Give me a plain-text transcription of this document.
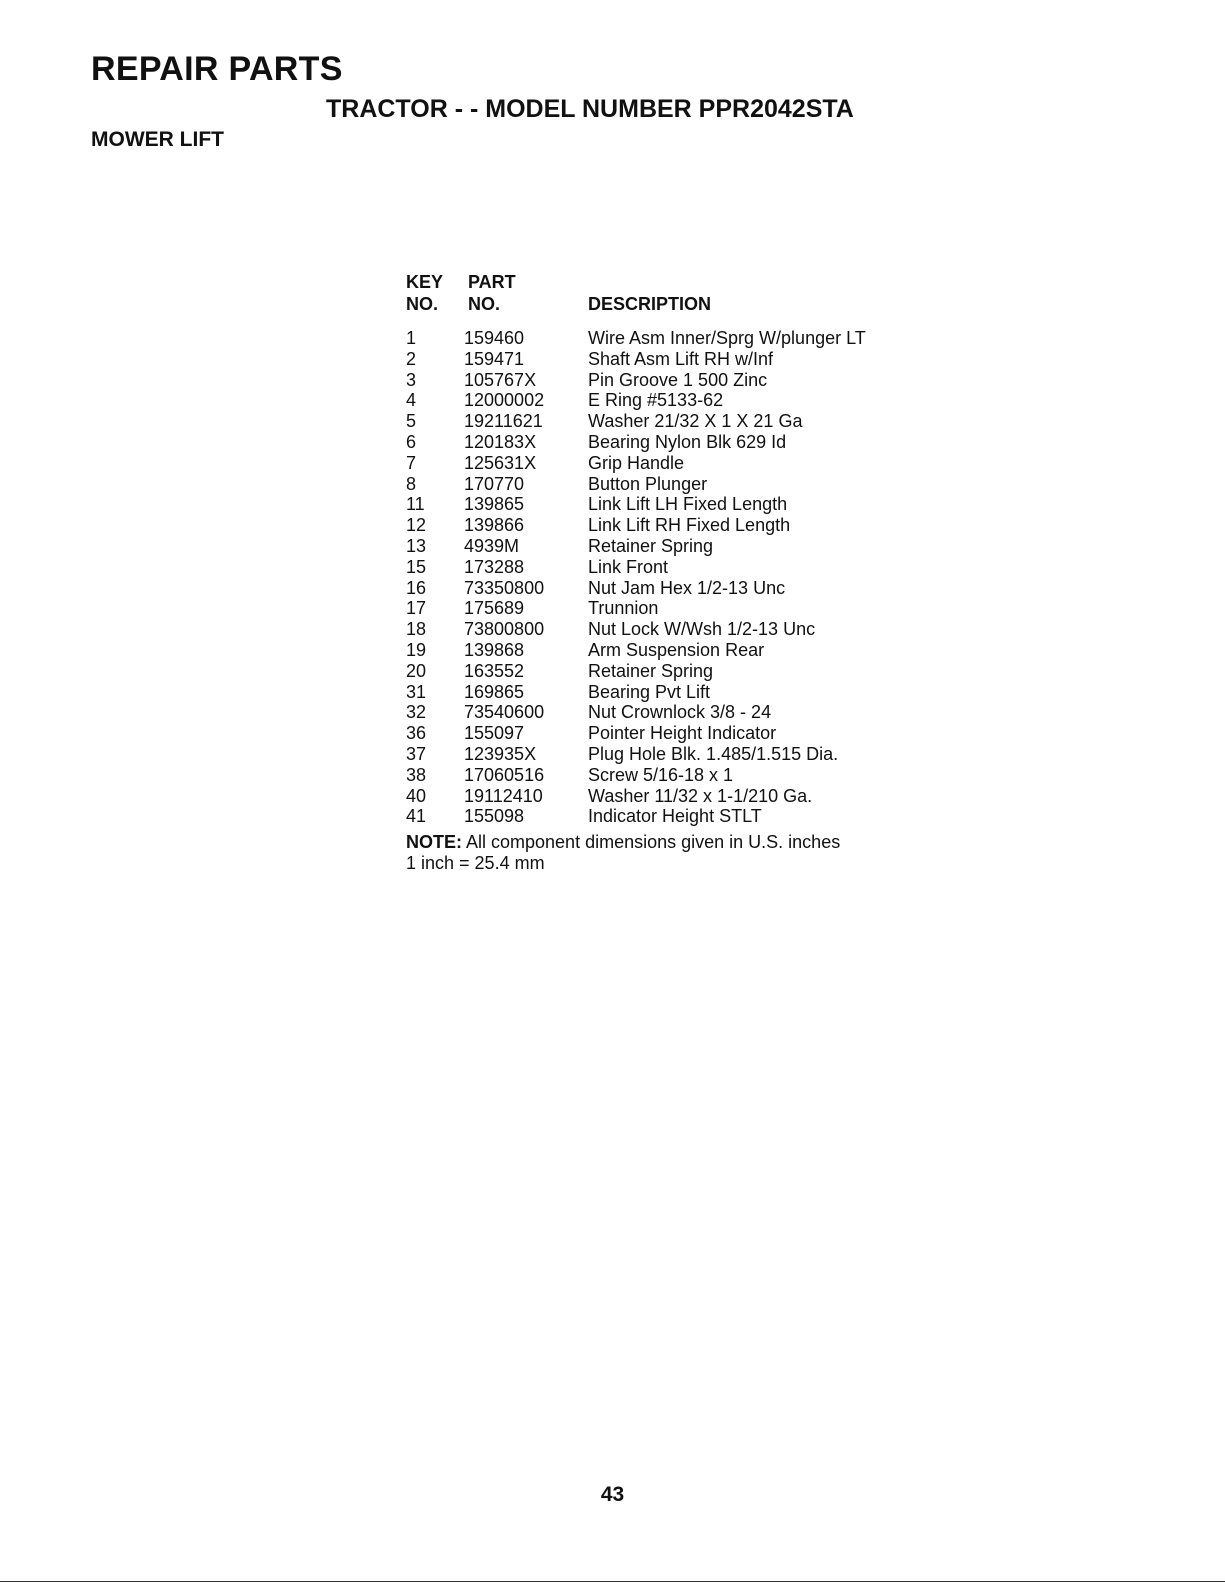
REPAIR PARTS
TRACTOR - - MODEL NUMBER PPR2042STA
MOWER LIFT
KEY PART
NO. NO.	DESCRIPTION
1	159460	Wire Asm Inner/Sprg W/plunger LT
2	159471	Shaft Asm Lift RH w/Inf
3	105767X	Pin Groove 1 500 Zinc
4	12000002 E Ring #5133-62
5	19211621	Washer 21/32 X 1 X 21 Ga
6	120183X	Bearing Nylon Blk 629 Id
7	125631X	Grip Handle
8	170770	Button Plunger
11 139865	Link Lift LH Fixed Length
12 139866	Link Lift RH Fixed Length
13 4939M	Retainer Spring
15 173288	Link Front
16 73350800 Nut Jam Hex 1/2-13 Unc
17 175689	Trunnion
18 73800800 Nut Lock W/Wsh 1/2-13 Unc
19 139868	Arm Suspension Rear
20 163552	Retainer Spring
31 169865	Bearing Pvt Lift
32 73540600 Nut Crownlock 3/8 - 24
36 155097	Pointer Height Indicator
37 123935X	Plug Hole Blk. 1.485/1.515 Dia.
38 17060516 Screw 5/16-18 x 1
40 19112410	Washer 11/32 x 1-1/210 Ga.
41 155098	Indicator Height STLT
NOTE: All component dimensions given in U.S. inches
1 inch = 25.4 mm
43
